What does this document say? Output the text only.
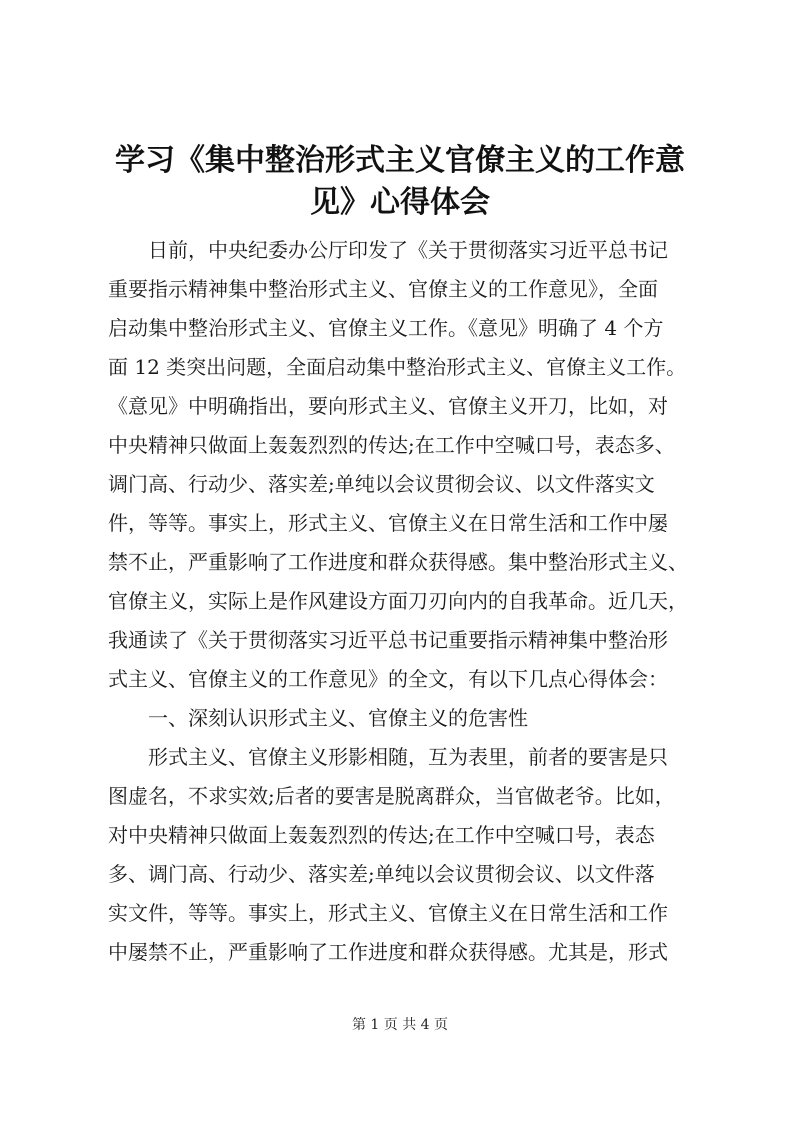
学习《集中整治形式主义官僚主义的工作意
见》心得体会
日前，中央纪委办公厅印发了《关于贯彻落实习近平总书记
重要指示精神集中整治形式主义、官僚主义的工作意见》，全面
启动集中整治形式主义、官僚主义工作。《意见》明确了 4 个方
面 12 类突出问题，全面启动集中整治形式主义、官僚主义工作。
《意见》中明确指出，要向形式主义、官僚主义开刀，比如，对
中央精神只做面上轰轰烈烈的传达;在工作中空喊口号，表态多、
调门高、行动少、落实差;单纯以会议贯彻会议、以文件落实文
件，等等。事实上，形式主义、官僚主义在日常生活和工作中屡
禁不止，严重影响了工作进度和群众获得感。集中整治形式主义、
官僚主义，实际上是作风建设方面刀刃向内的自我革命。近几天，
我通读了《关于贯彻落实习近平总书记重要指示精神集中整治形
式主义、官僚主义的工作意见》的全文，有以下几点心得体会：
一、深刻认识形式主义、官僚主义的危害性
形式主义、官僚主义形影相随，互为表里，前者的要害是只
图虚名，不求实效;后者的要害是脱离群众，当官做老爷。比如，
对中央精神只做面上轰轰烈烈的传达;在工作中空喊口号，表态
多、调门高、行动少、落实差;单纯以会议贯彻会议、以文件落
实文件，等等。事实上，形式主义、官僚主义在日常生活和工作
中屡禁不止，严重影响了工作进度和群众获得感。尤其是，形式
第 1 页 共 4 页
